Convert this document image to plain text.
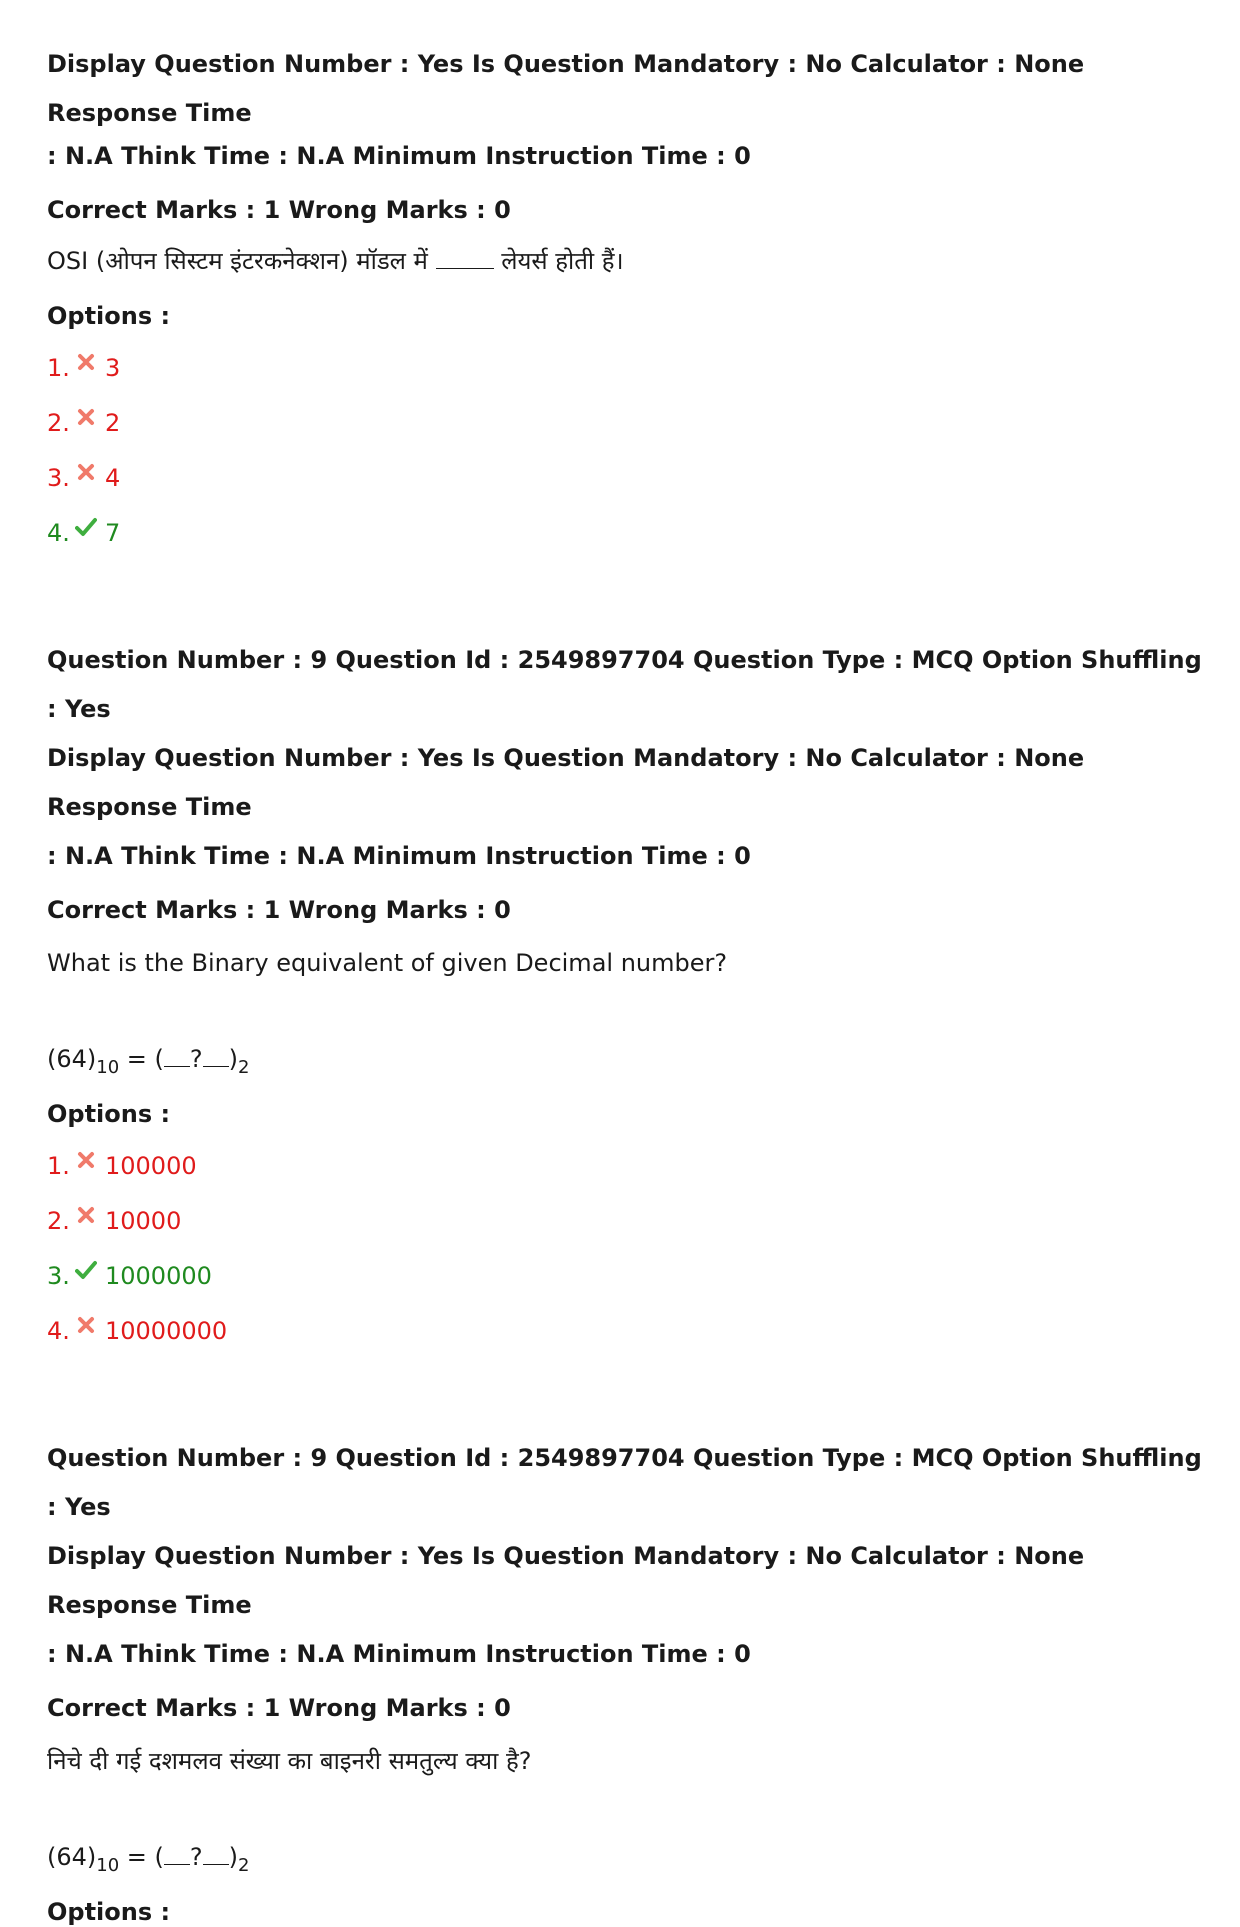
Display Question Number : Yes Is Question Mandatory : No Calculator : None Response Time

: N.A Think Time : N.A Minimum Instruction Time : 0

Correct Marks : 1 Wrong Marks : 0

OSI (ओपन सिस्टम इंटरकनेक्शन) मॉडल में	लेयर्स होती हैं।

Options :

1. 3
2. 2
3. 4
4. 7

Question Number : 9 Question Id : 2549897704 Question Type : MCQ Option Shuffling : Yes

Display Question Number : Yes Is Question Mandatory : No Calculator : None Response Time

: N.A Think Time : N.A Minimum Instruction Time : 0

Correct Marks : 1 Wrong Marks : 0

What is the Binary equivalent of given Decimal number?

$(64)_{10}$ = ( ? )$_2$

Options :

1. 100000
2. 10000
3. 1000000
4. 10000000

Question Number : 9 Question Id : 2549897704 Question Type : MCQ Option Shuffling : Yes

Display Question Number : Yes Is Question Mandatory : No Calculator : None Response Time

: N.A Think Time : N.A Minimum Instruction Time : 0

Correct Marks : 1 Wrong Marks : 0

निचे दी गई दशमलव संख्या का बाइनरी समतुल्य क्या है?

$(64)_{10}$ = ( ? )$_2$

Options :
